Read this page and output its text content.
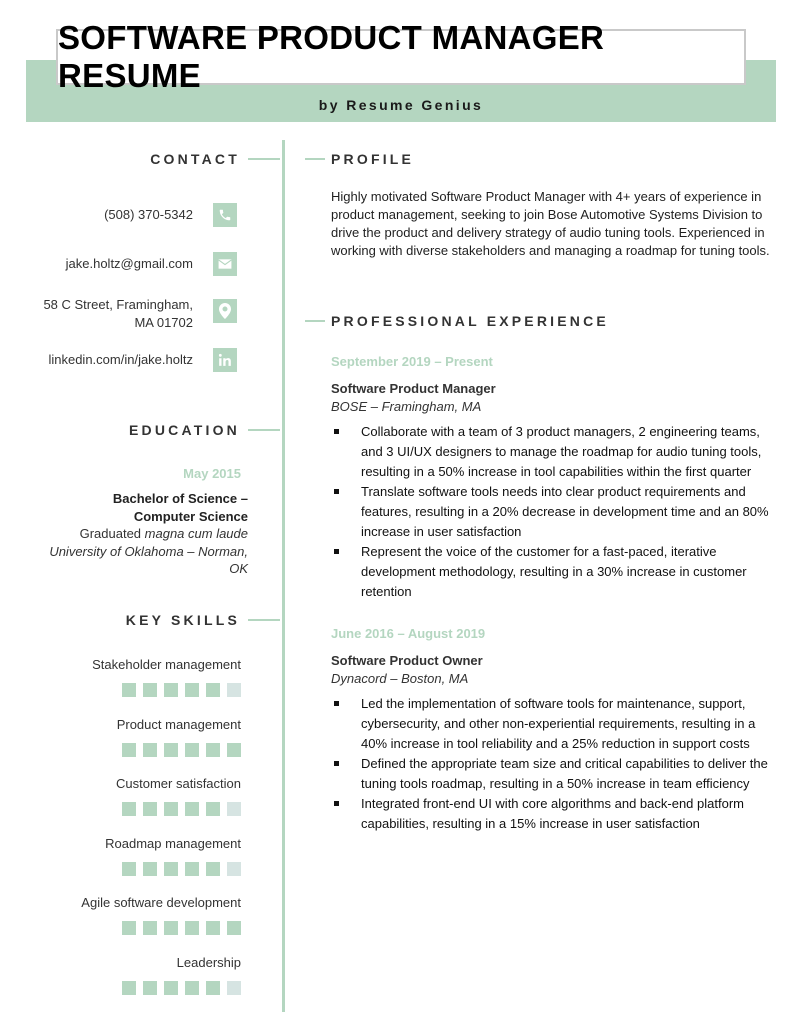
SOFTWARE PRODUCT MANAGER RESUME
by Resume Genius
CONTACT
(508) 370-5342
jake.holtz@gmail.com
58 C Street, Framingham,
MA 01702
linkedin.com/in/jake.holtz
EDUCATION
May 2015
Bachelor of Science –
Computer Science
Graduated magna cum laude
University of Oklahoma – Norman,
OK
KEY SKILLS
Stakeholder management
Product management
Customer satisfaction
Roadmap management
Agile software development
Leadership
PROFILE
Highly motivated Software Product Manager with 4+ years of experience in product management, seeking to join Bose Automotive Systems Division to drive the product and delivery strategy of audio tuning tools. Experienced in working with diverse stakeholders and managing a roadmap for tuning tools.
PROFESSIONAL EXPERIENCE
September 2019 – Present
Software Product Manager
BOSE – Framingham, MA
Collaborate with a team of 3 product managers, 2 engineering teams, and 3 UI/UX designers to manage the roadmap for audio tuning tools, resulting in a 50% increase in tool capabilities within the first quarter
Translate software tools needs into clear product requirements and features, resulting in a 20% decrease in development time and an 80% increase in user satisfaction
Represent the voice of the customer for a fast-paced, iterative development methodology, resulting in a 30% increase in customer retention
June 2016 – August 2019
Software Product Owner
Dynacord – Boston, MA
Led the implementation of software tools for maintenance, support, cybersecurity, and other non-experiential requirements, resulting in a 40% increase in tool reliability and a 25% reduction in support costs
Defined the appropriate team size and critical capabilities to deliver the tuning tools roadmap, resulting in a 50% increase in team efficiency
Integrated front-end UI with core algorithms and back-end platform capabilities, resulting in a 15% increase in user satisfaction
